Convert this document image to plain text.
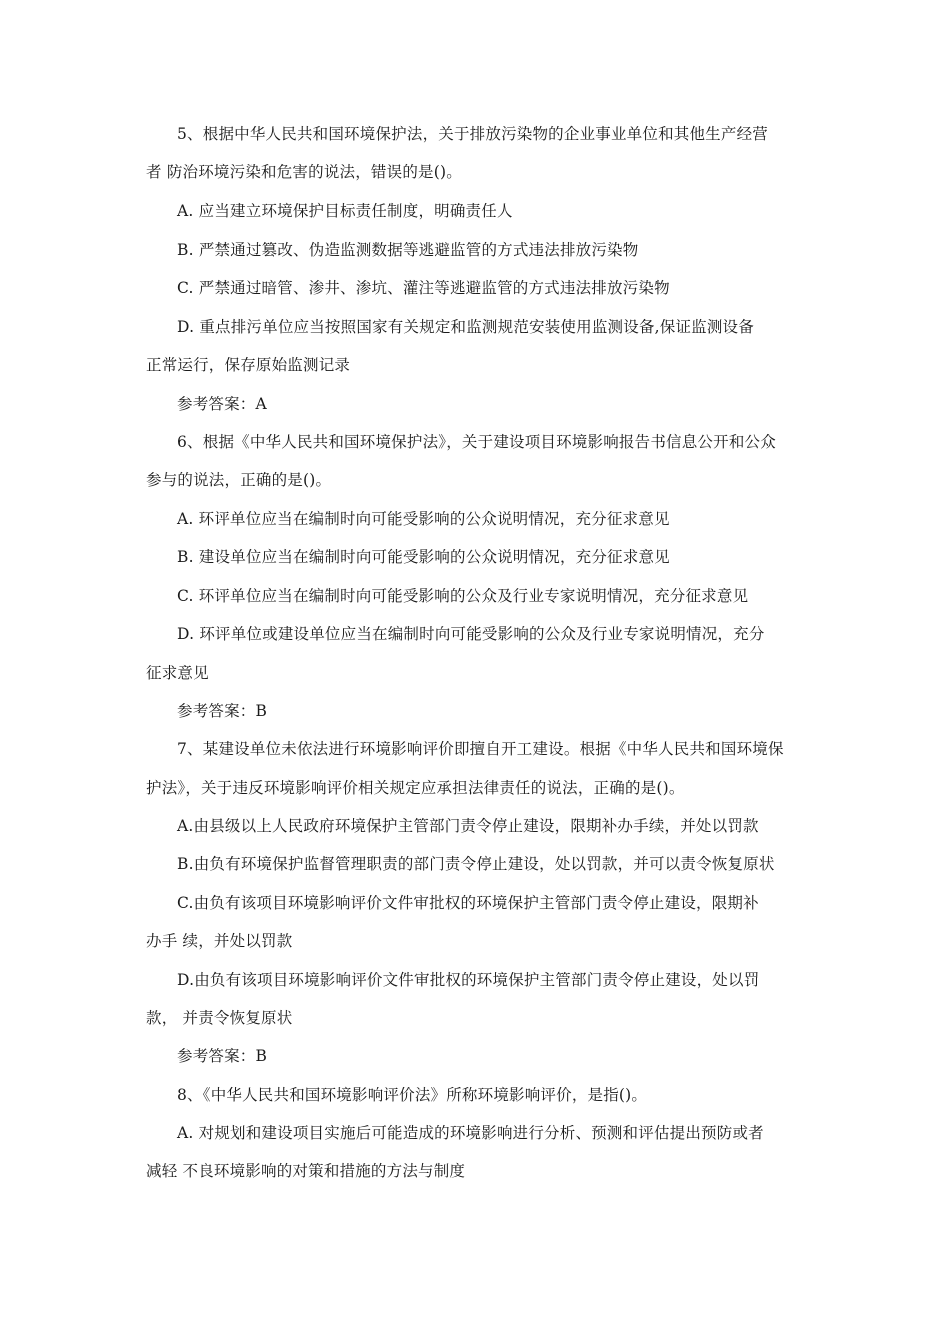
5、根据中华人民共和国环境保护法，关于排放污染物的企业事业单位和其他生产经营
者 防治环境污染和危害的说法，错误的是()。
A. 应当建立环境保护目标责任制度，明确责任人
B. 严禁通过篡改、伪造监测数据等逃避监管的方式违法排放污染物
C. 严禁通过暗管、渗井、渗坑、灌注等逃避监管的方式违法排放污染物
D. 重点排污单位应当按照国家有关规定和监测规范安装使用监测设备,保证监测设备
正常运行，保存原始监测记录
参考答案：A
6、根据《中华人民共和国环境保护法》，关于建设项目环境影响报告书信息公开和公众
参与的说法，正确的是()。
A. 环评单位应当在编制时向可能受影响的公众说明情况，充分征求意见
B. 建设单位应当在编制时向可能受影响的公众说明情况，充分征求意见
C. 环评单位应当在编制时向可能受影响的公众及行业专家说明情况，充分征求意见
D. 环评单位或建设单位应当在编制时向可能受影响的公众及行业专家说明情况，充分
征求意见
参考答案：B
7、某建设单位未依法进行环境影响评价即擅自开工建设。根据《中华人民共和国环境保
护法》，关于违反环境影响评价相关规定应承担法律责任的说法，正确的是()。
A.由县级以上人民政府环境保护主管部门责令停止建设，限期补办手续，并处以罚款
B.由负有环境保护监督管理职责的部门责令停止建设，处以罚款，并可以责令恢复原状
C.由负有该项目环境影响评价文件审批权的环境保护主管部门责令停止建设，限期补
办手 续，并处以罚款
D.由负有该项目环境影响评价文件审批权的环境保护主管部门责令停止建设，处以罚
款， 并责令恢复原状
参考答案：B
8、《中华人民共和国环境影响评价法》所称环境影响评价，是指()。
A. 对规划和建设项目实施后可能造成的环境影响进行分析、预测和评估提出预防或者
减轻 不良环境影响的对策和措施的方法与制度
